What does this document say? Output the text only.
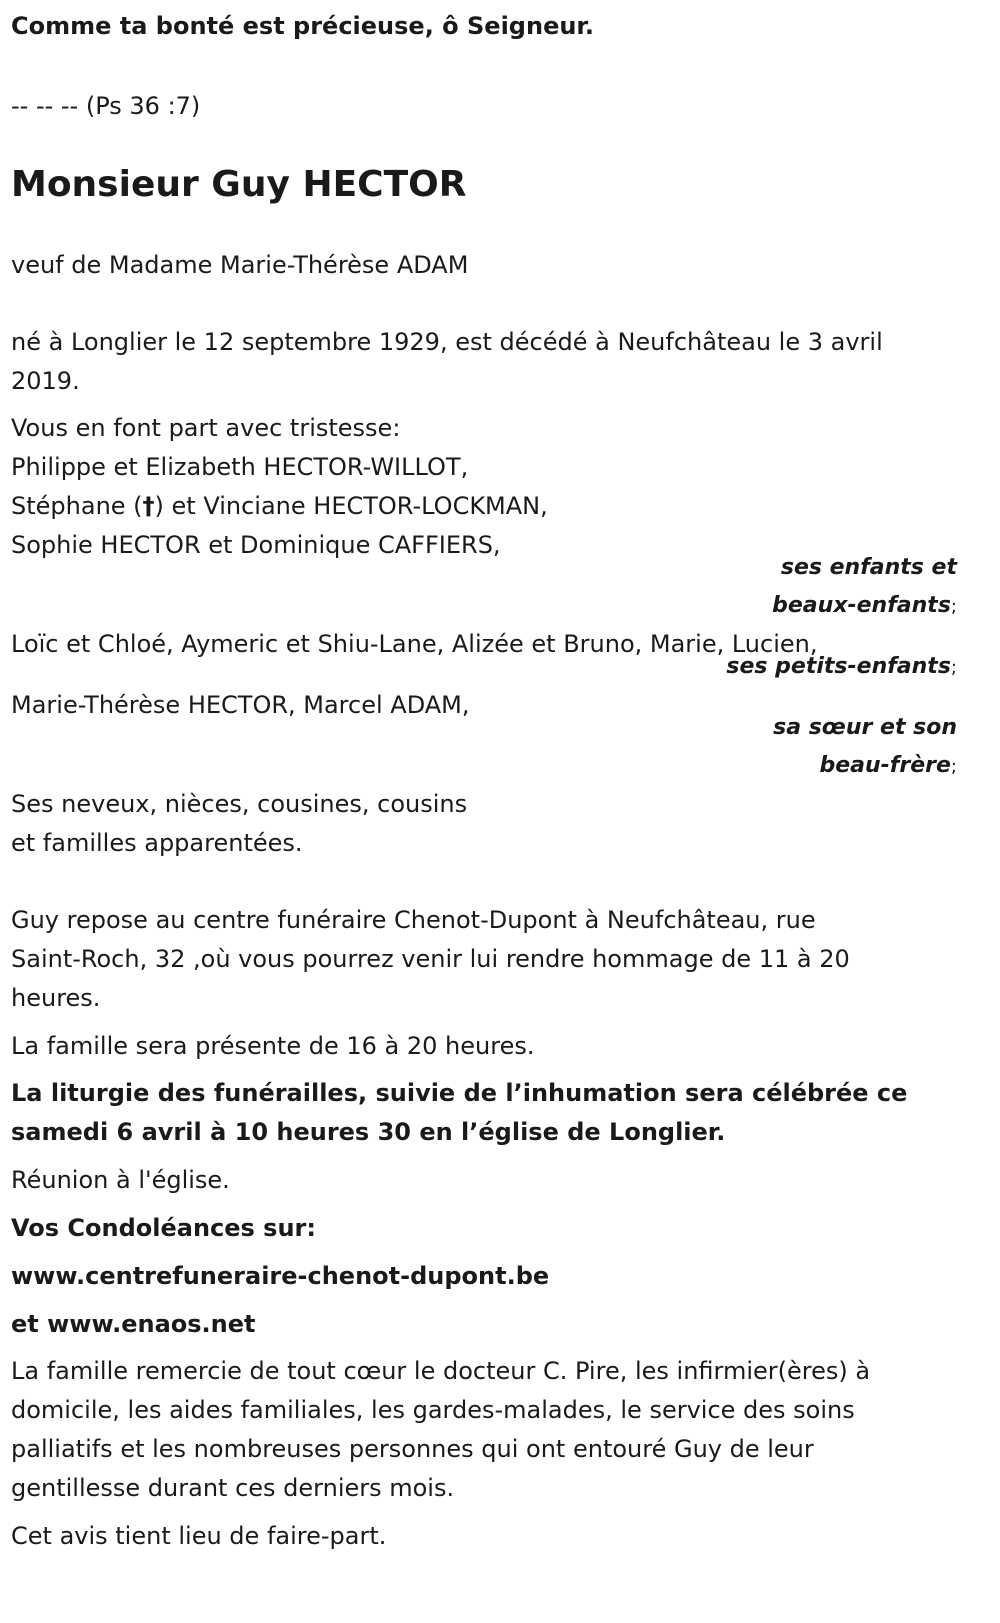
Comme ta bonté est précieuse, ô Seigneur.
-- -- -- (Ps 36 :7)
Monsieur Guy HECTOR
veuf de Madame Marie-Thérèse ADAM
né à Longlier le 12 septembre 1929, est décédé à Neufchâteau le 3 avril
2019.
Vous en font part avec tristesse:
Philippe et Elizabeth HECTOR-WILLOT,
Stéphane (†) et Vinciane HECTOR-LOCKMAN,
Sophie HECTOR et Dominique CAFFIERS,
ses enfants et
beaux-enfants;
Loïc et Chloé, Aymeric et Shiu-Lane, Alizée et Bruno, Marie, Lucien,
ses petits-enfants;
Marie-Thérèse HECTOR, Marcel ADAM,
sa sœur et son
beau-frère;
Ses neveux, nièces, cousines, cousins
et familles apparentées.
Guy repose au centre funéraire Chenot-Dupont à Neufchâteau, rue
Saint-Roch, 32 ,où vous pourrez venir lui rendre hommage de 11 à 20
heures.
La famille sera présente de 16 à 20 heures.
La liturgie des funérailles, suivie de l’inhumation sera célébrée ce
samedi 6 avril à 10 heures 30 en l’église de Longlier.
Réunion à l'église.
Vos Condoléances sur:
www.centrefuneraire-chenot-dupont.be
et www.enaos.net
La famille remercie de tout cœur le docteur C. Pire, les infirmier(ères) à
domicile, les aides familiales, les gardes-malades, le service des soins
palliatifs et les nombreuses personnes qui ont entouré Guy de leur
gentillesse durant ces derniers mois.
Cet avis tient lieu de faire-part.
